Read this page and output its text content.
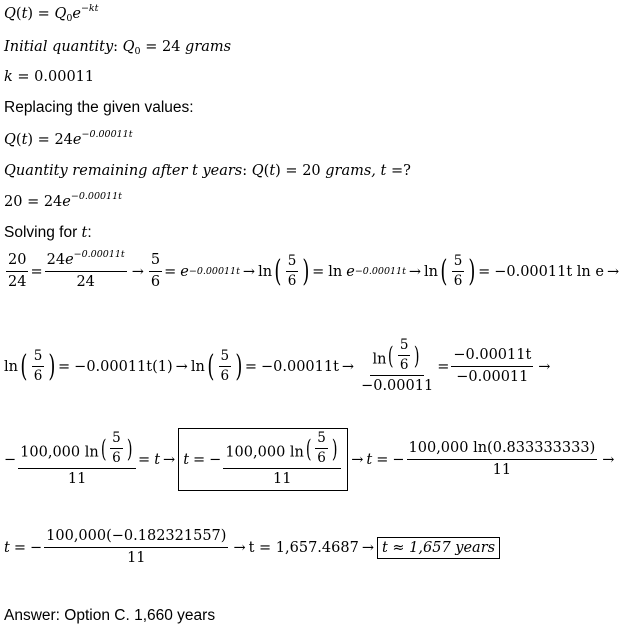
$Q(t) = Q_0e^{-kt}$
Initial quantity: $Q_0 = 24$ grams
k = 0.00011
Replacing the given values:
$Q(t) = 24e^{-0.00011t}$
Quantity remaining after t years: Q(t) = 20 grams, t =?
$20 = 24e^{-0.00011t}$
Solving for t:
$\frac{20}{24} = \frac{24e^{-0.00011t}}{24} \to \frac{5}{6} = e -0.00011t \to \ln$ ( $\frac{5}{6}$ ) = ln e −0.00011t → ln ( $\frac{5}{6}$ ) = −0.00011t ln e →
ln ( $\frac{5}{6}$ ) = −0.00011t(1) → ln ( $\frac{5}{6}$ ) = $-0.00011t \to \frac{\ln ( \frac{5}{6} )}{-0.00011} = \frac{-0.00011t}{-0.00011}$ →
− $\frac{100,000 \ln ( \frac{5}{6} )}{11} = t \to t$ = − $\frac{100,000 \ln ( \frac{5}{6} )}{11} \to t$ = − $\frac{100,000 \ln(0.833333333)}{11}$ →
t = − $\frac{100,000(-0.182321557)}{11} \to t = 1,657.4687 \to t \approx 1,657$ years
Answer: Option C. 1,660 years
